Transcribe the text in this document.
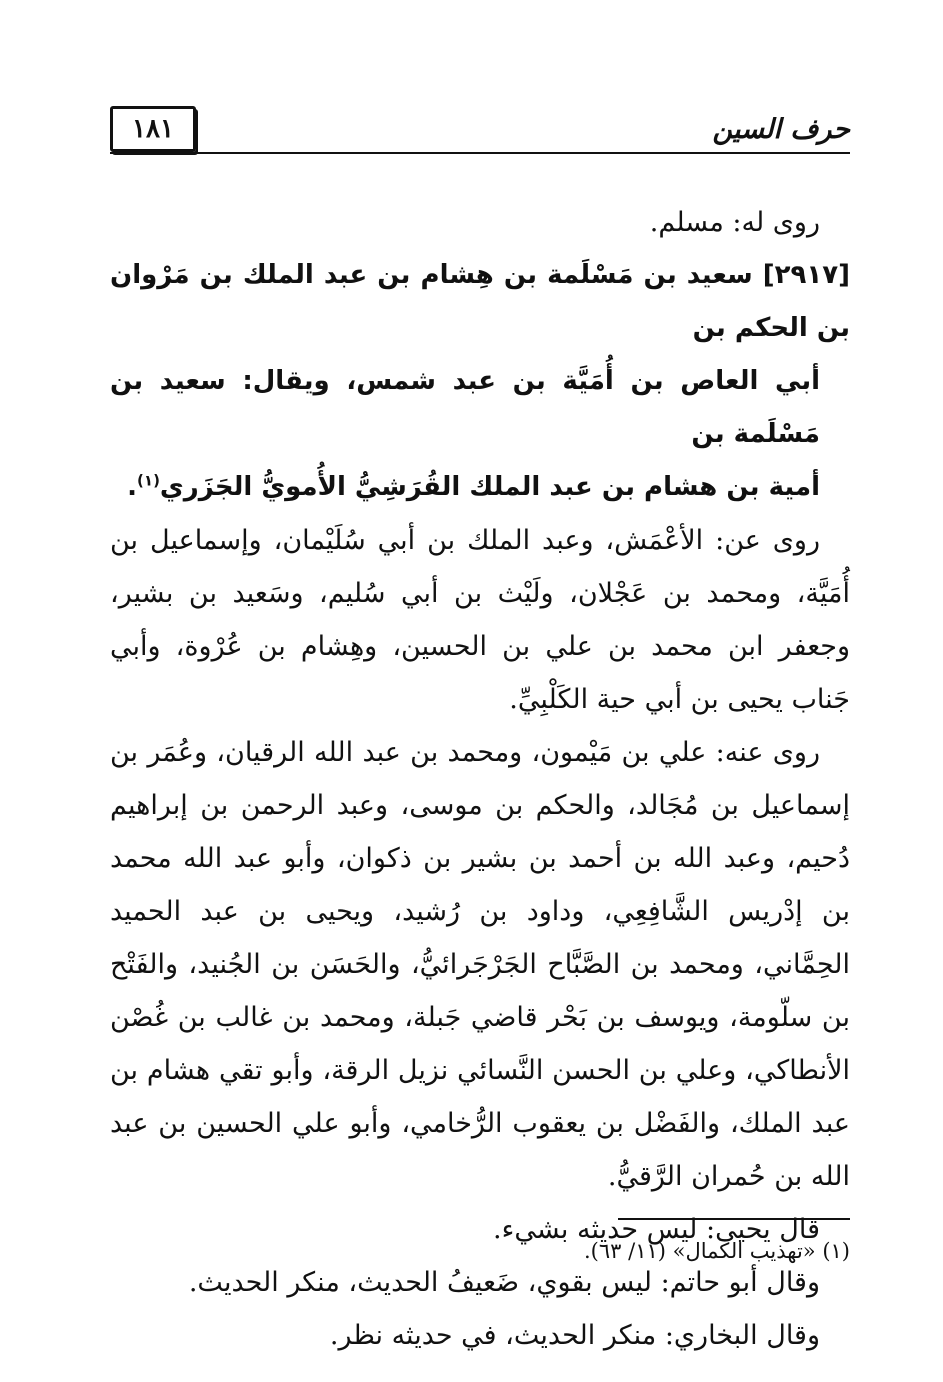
١٨١	حرف السين

روى له: مسلم.

[٢٩١٧] سعيد بن مَسْلَمة بن هِشام بن عبد الملك بن مَرْوان بن الحكم بن
أبي العاص بن أُمَيَّة بن عبد شمس، ويقال: سعيد بن مَسْلَمة بن
أمية بن هشام بن عبد الملك القُرَشِيُّ الأُمويُّ الجَزَري$^{(١)}$.

روى عن: الأعْمَش، وعبد الملك بن أبي سُلَيْمان، وإسماعيل بن أُمَيَّة، ومحمد بن عَجْلان، ولَيْث بن أبي سُليم، وسَعيد بن بشير، وجعفر ابن محمد بن علي بن الحسين، وهِشام بن عُرْوة، وأبي جَناب يحيى بن أبي حية الكَلْبِيِّ.

روى عنه: علي بن مَيْمون، ومحمد بن عبد الله الرقيان، وعُمَر بن إسماعيل بن مُجَالد، والحكم بن موسى، وعبد الرحمن بن إبراهيم دُحيم، وعبد الله بن أحمد بن بشير بن ذكوان، وأبو عبد الله محمد بن إدْريس الشَّافِعِي، وداود بن رُشيد، ويحيى بن عبد الحميد الحِمَّاني، ومحمد بن الصَّبَّاح الجَرْجَرائيُّ، والحَسَن بن الجُنيد، والفَتْح بن سلّومة، ويوسف بن بَحْر قاضي جَبلة، ومحمد بن غالب بن غُصْن الأنطاكي، وعلي بن الحسن النَّسائي نزيل الرقة، وأبو تقي هشام بن عبد الملك، والفَضْل بن يعقوب الرُّخامي، وأبو علي الحسين بن عبد الله بن حُمران الرَّقيُّ.

قال يحيى: ليس حديثه بشيء.

وقال أبو حاتم: ليس بقوي، ضَعيفُ الحديث، منكر الحديث.

وقال البخاري: منكر الحديث، في حديثه نظر.

(١) «تهذيب الكمال» (١١/ ٦٣).
